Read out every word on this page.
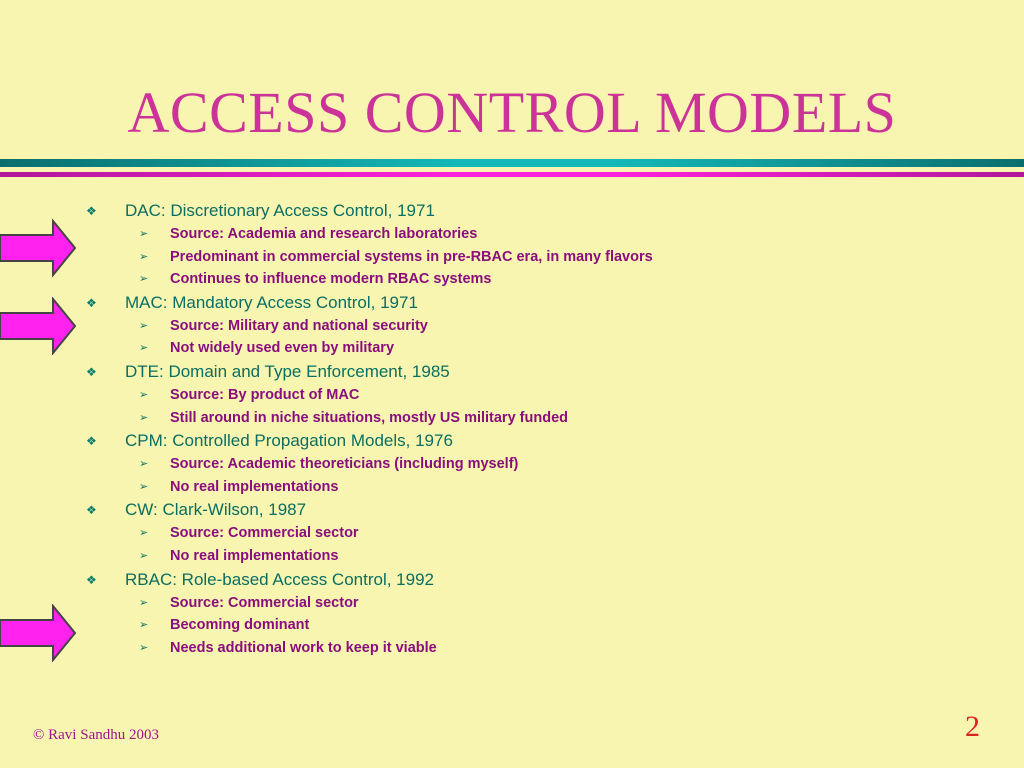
ACCESS CONTROL MODELS
❖ DAC: Discretionary Access Control, 1971
➢ Source: Academia and research laboratories
➢ Predominant in commercial systems in pre-RBAC era, in many flavors
➢ Continues to influence modern RBAC systems
❖ MAC: Mandatory Access Control, 1971
➢ Source: Military and national security
➢ Not widely used even by military
❖ DTE: Domain and Type Enforcement, 1985
➢ Source: By product of MAC
➢ Still around in niche situations, mostly US military funded
❖ CPM: Controlled Propagation Models, 1976
➢ Source: Academic theoreticians (including myself)
➢ No real implementations
❖ CW: Clark-Wilson, 1987
➢ Source: Commercial sector
➢ No real implementations
❖ RBAC: Role-based Access Control, 1992
➢ Source: Commercial sector
➢ Becoming dominant
➢ Needs additional work to keep it viable
© Ravi Sandhu 2003	2
